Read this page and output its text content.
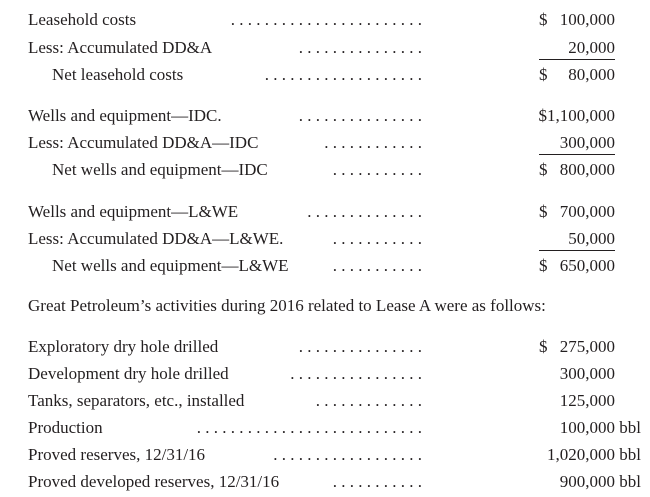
Leasehold costs	. . . . . . . . . . . . . . . . . . . . . . .	$ 100,000
Less: Accumulated DD&A	. . . . . . . . . . . . . . .	20,000
Net leasehold costs	. . . . . . . . . . . . . . . . . . .	$ 80,000
Wells and equipment—IDC.	. . . . . . . . . . . . . . .	$1,100,000
Less: Accumulated DD&A—IDC	. . . . . . . . . . . .	300,000
Net wells and equipment—IDC	. . . . . . . . . . .	$ 800,000
Wells and equipment—L&WE	. . . . . . . . . . . . . .	$ 700,000
Less: Accumulated DD&A—L&WE.	. . . . . . . . . . .	50,000
Net wells and equipment—L&WE	. . . . . . . . . . .	$ 650,000
Great Petroleum’s activities during 2016 related to Lease A were as follows:
Exploratory dry hole drilled	. . . . . . . . . . . . . . .	$ 275,000
Development dry hole drilled	. . . . . . . . . . . . . . . .	300,000
Tanks, separators, etc., installed	. . . . . . . . . . . . .	125,000
Production	. . . . . . . . . . . . . . . . . . . . . . . . . . .	100,000 bbl
Proved reserves, 12/31/16	. . . . . . . . . . . . . . . . . .	1,020,000 bbl
Proved developed reserves, 12/31/16	. . . . . . . . . . .	900,000 bbl
